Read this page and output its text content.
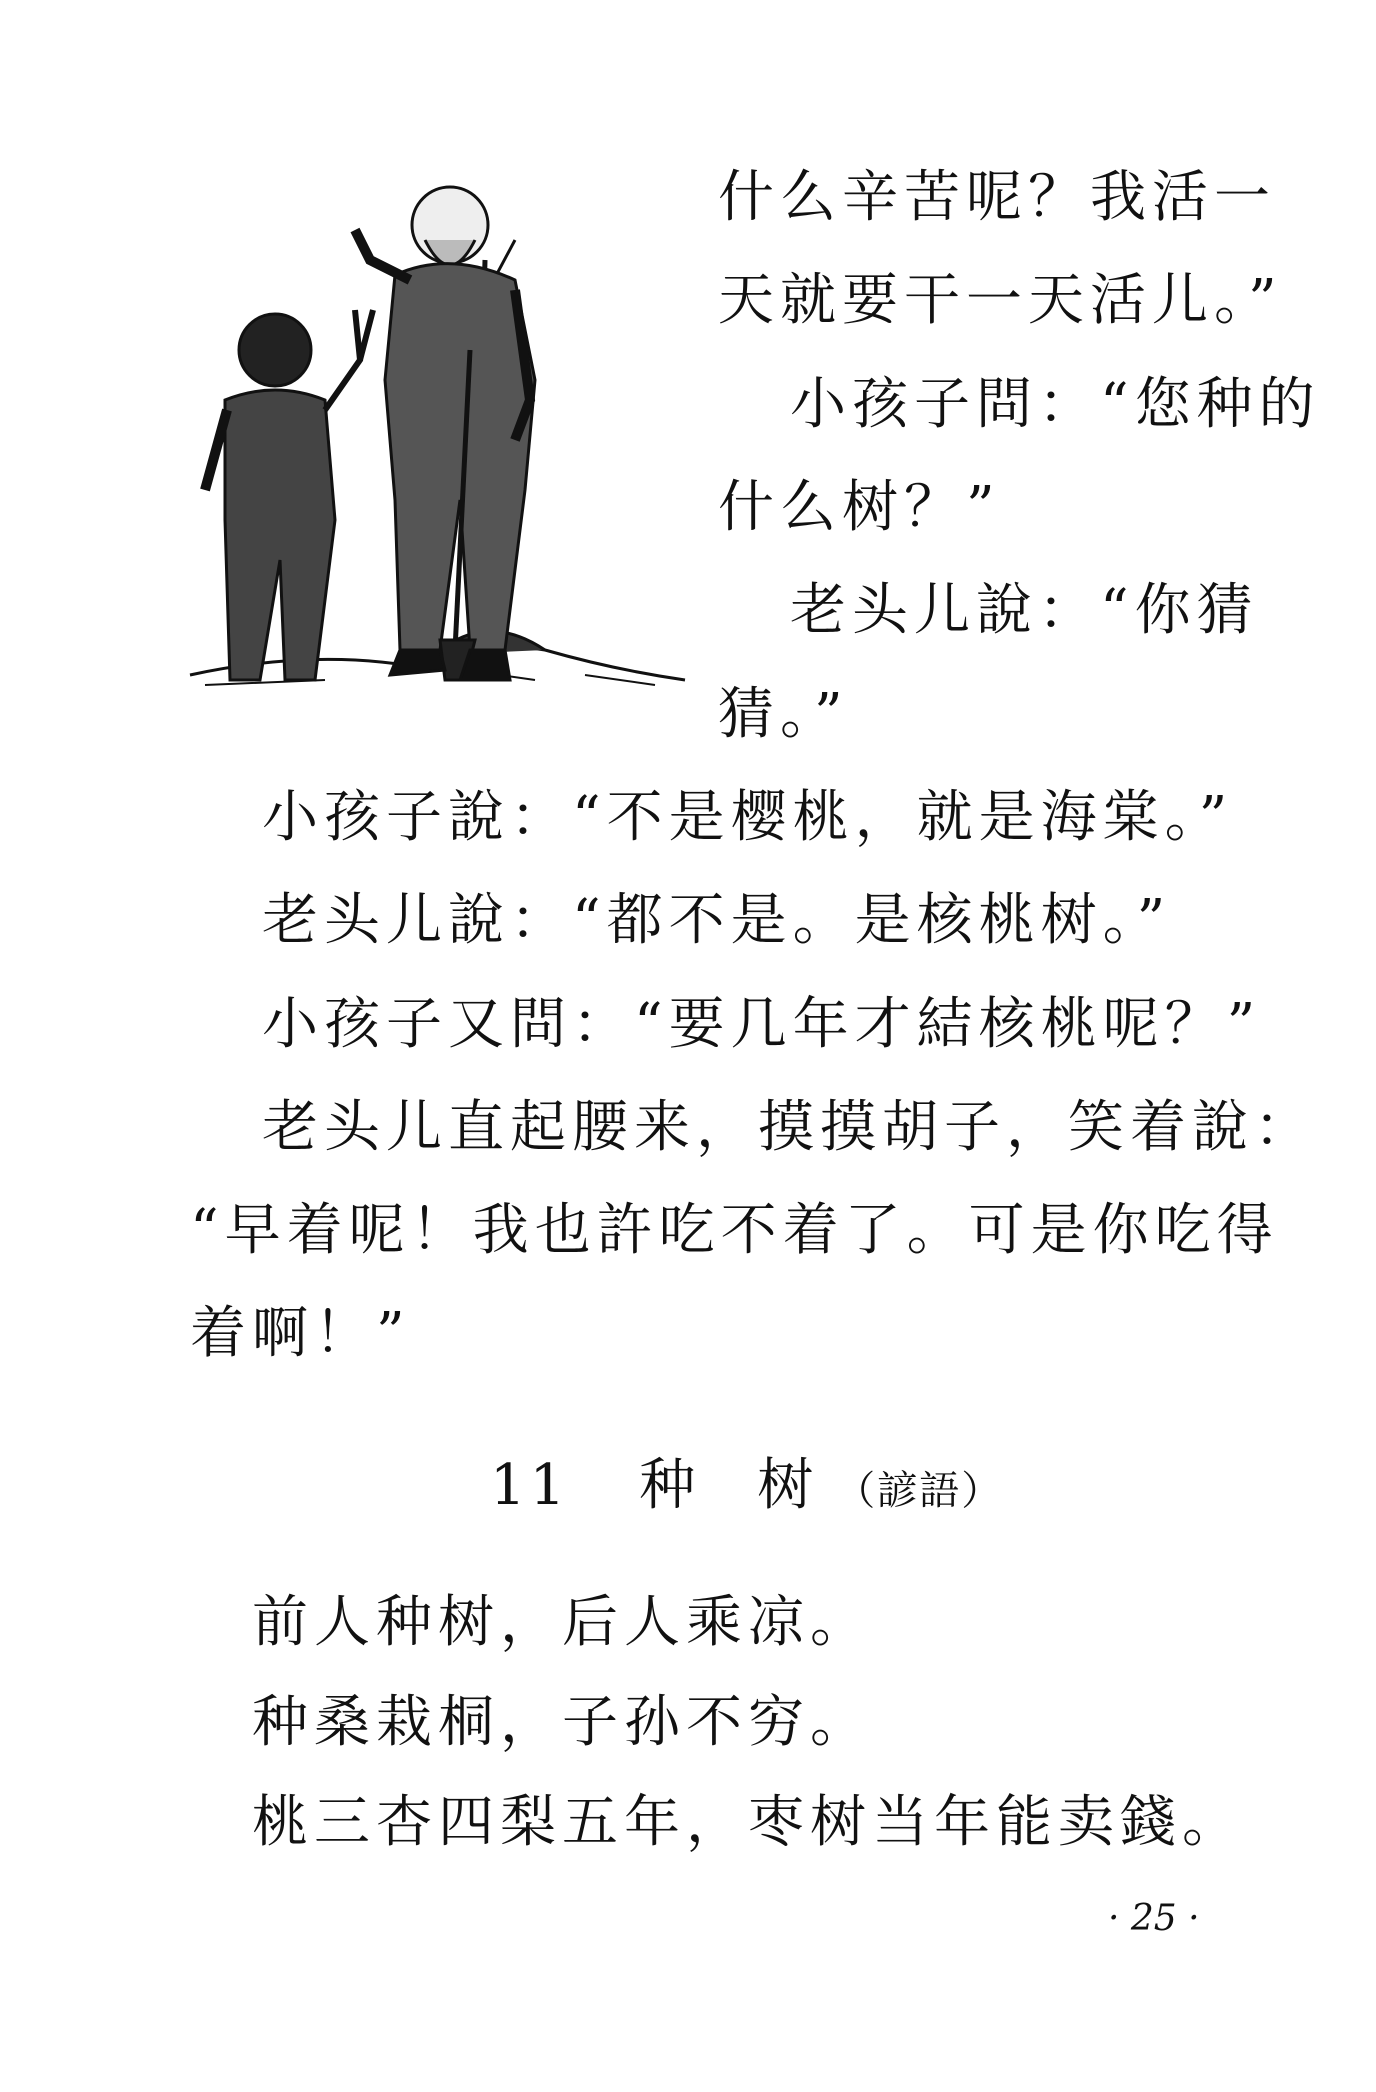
什么辛苦呢？我活一
天就要干一天活儿。”
小孩子問：“您种的
什么树？”
老头儿說：“你猜
猜。”
小孩子說：“不是樱桃，就是海棠。”
老头儿說：“都不是。是核桃树。”
小孩子又問：“要几年才結核桃呢？”
老头儿直起腰来，摸摸胡子，笑着說：
“早着呢！我也許吃不着了。可是你吃得
着啊！”
11 种树（諺語）
前人种树，后人乘凉。
种桑栽桐，子孙不穷。
桃三杏四梨五年，枣树当年能卖錢。
· 25 ·
